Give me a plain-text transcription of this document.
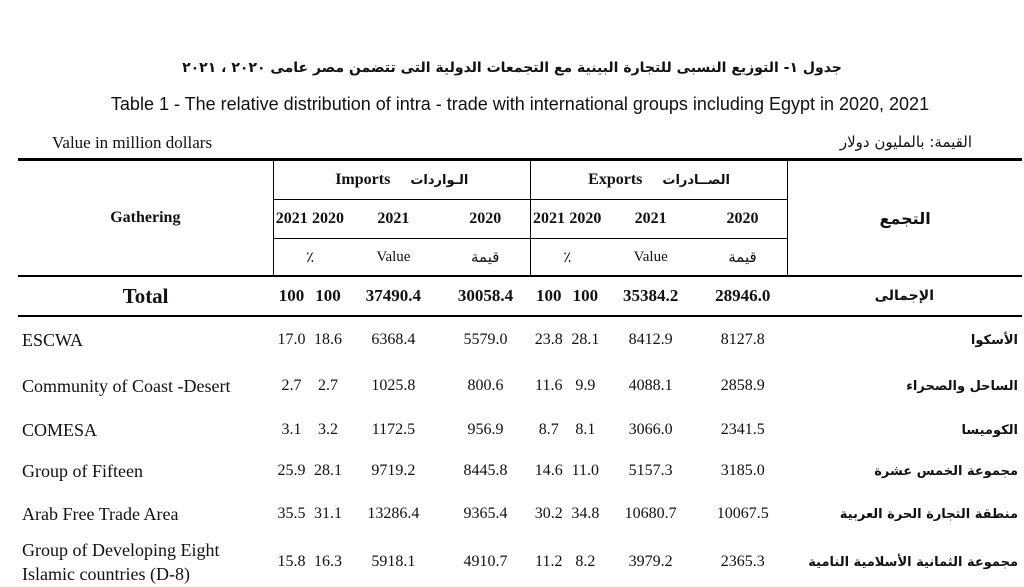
جدول ١- التوزيع النسبى للتجارة البينية مع التجمعات الدولية التى تتضمن مصر عامى ٢٠٢٠ ، ٢٠٢١
Table 1 - The relative distribution of intra - trade with international groups including Egypt in 2020, 2021
Value in million dollars	القيمة: بالمليون دولار
Gathering	Imports الـواردات				Exports الصــادرات				التجمع
	2021	2020	2021	2020	2021	2020	2021	2020	
	٪		Value	قيمة	٪		Value	قيمة	
Total	100	100	37490.4	30058.4	100	100	35384.2	28946.0	الإجمالى
ESCWA	17.0	18.6	6368.4	5579.0	23.8	28.1	8412.9	8127.8	الأسكوا
Community of Coast -Desert	2.7	2.7	1025.8	800.6	11.6	9.9	4088.1	2858.9	الساحل والصحراء
COMESA	3.1	3.2	1172.5	956.9	8.7	8.1	3066.0	2341.5	الكوميسا
Group of Fifteen	25.9	28.1	9719.2	8445.8	14.6	11.0	5157.3	3185.0	مجموعة الخمس عشرة
Arab Free Trade Area	35.5	31.1	13286.4	9365.4	30.2	34.8	10680.7	10067.5	منطقة التجارة الحرة العربية
Group of Developing Eight Islamic countries (D-8)	15.8	16.3	5918.1	4910.7	11.2	8.2	3979.2	2365.3	مجموعة الثمانية الأسلامية النامية
